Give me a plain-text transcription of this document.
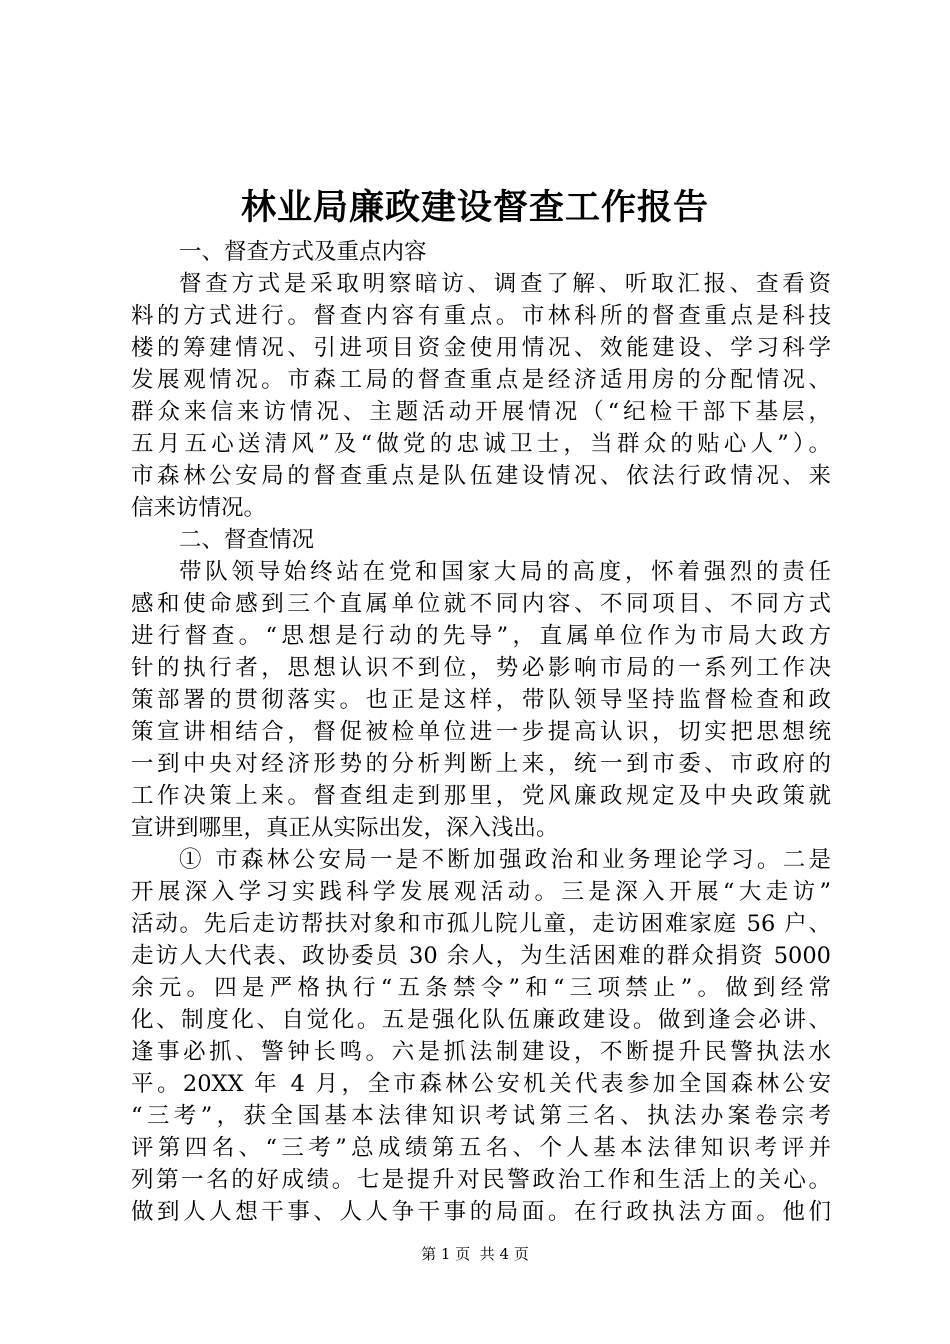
林业局廉政建设督查工作报告
一、督查方式及重点内容
督查方式是采取明察暗访、调查了解、听取汇报、查看资
料的方式进行。督查内容有重点。市林科所的督查重点是科技
楼的筹建情况、引进项目资金使用情况、效能建设、学习科学
发展观情况。市森工局的督查重点是经济适用房的分配情况、
群众来信来访情况、主题活动开展情况（“纪检干部下基层，
五月五心送清风”及“做党的忠诚卫士，当群众的贴心人”）。
市森林公安局的督查重点是队伍建设情况、依法行政情况、来
信来访情况。
二、督查情况
带队领导始终站在党和国家大局的高度，怀着强烈的责任
感和使命感到三个直属单位就不同内容、不同项目、不同方式
进行督查。“思想是行动的先导”，直属单位作为市局大政方
针的执行者，思想认识不到位，势必影响市局的一系列工作决
策部署的贯彻落实。也正是这样，带队领导坚持监督检查和政
策宣讲相结合，督促被检单位进一步提高认识，切实把思想统
一到中央对经济形势的分析判断上来，统一到市委、市政府的
工作决策上来。督查组走到那里，党风廉政规定及中央政策就
宣讲到哪里，真正从实际出发，深入浅出。
① 市森林公安局一是不断加强政治和业务理论学习。二是
开展深入学习实践科学发展观活动。三是深入开展“大走访”
活动。先后走访帮扶对象和市孤儿院儿童，走访困难家庭 56 户、
走访人大代表、政协委员 30 余人，为生活困难的群众捐资 5000
余元。四是严格执行“五条禁令”和“三项禁止”。做到经常
化、制度化、自觉化。五是强化队伍廉政建设。做到逢会必讲、
逢事必抓、警钟长鸣。六是抓法制建设，不断提升民警执法水
平。20XX 年 4 月，全市森林公安机关代表参加全国森林公安
“三考”，获全国基本法律知识考试第三名、执法办案卷宗考
评第四名、“三考”总成绩第五名、个人基本法律知识考评并
列第一名的好成绩。七是提升对民警政治工作和生活上的关心。
做到人人想干事、人人争干事的局面。在行政执法方面。他们
第 1 页 共 4 页
